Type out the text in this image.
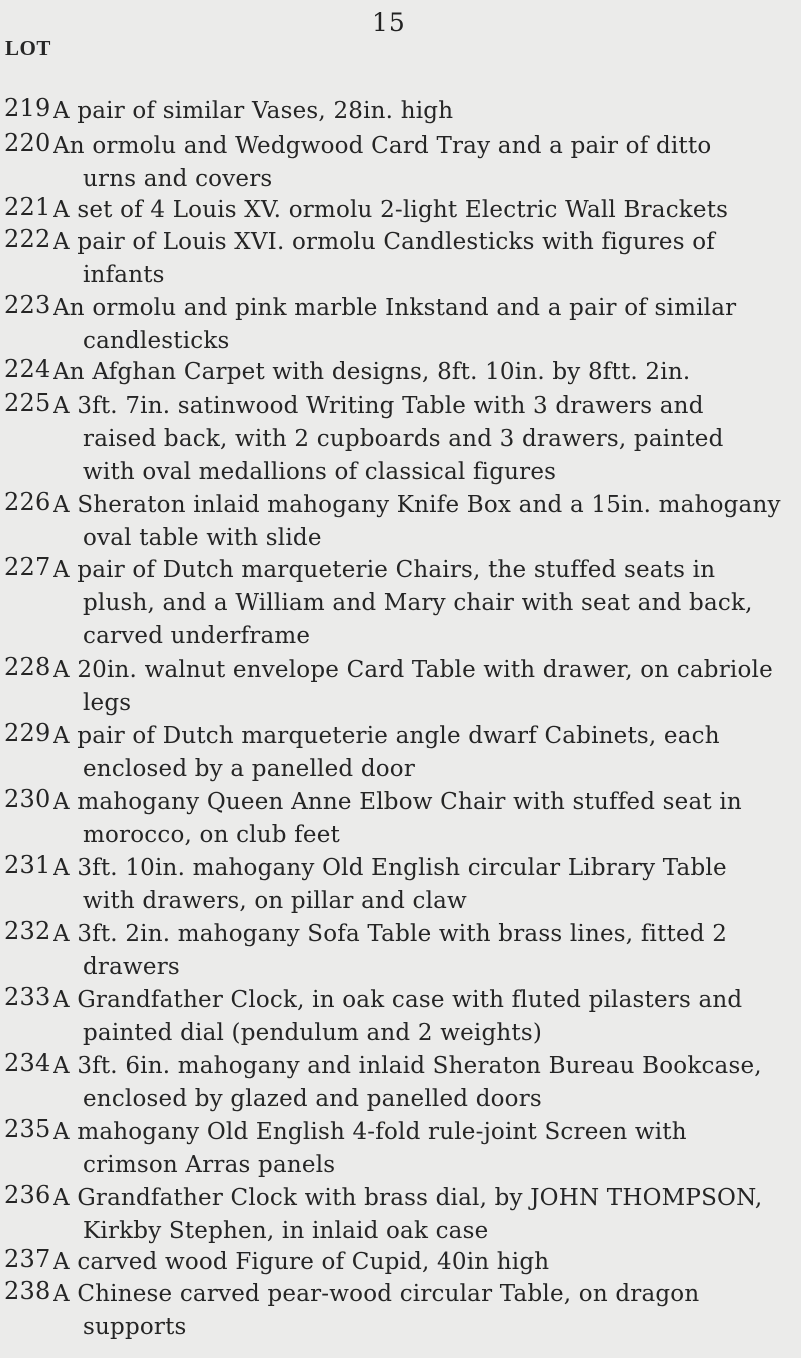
15
LOT
219 A pair of similar Vases, 28in. high
220 An ormolu and Wedgwood Card Tray and a pair of ditto
urns and covers
221 A set of 4 Louis XV. ormolu 2-light Electric Wall Brackets
222 A pair of Louis XVI. ormolu Candlesticks with figures of
infants
223 An ormolu and pink marble Inkstand and a pair of similar
candlesticks
224 An Afghan Carpet with designs, 8ft. 10in. by 8ftt. 2in.
225 A 3ft. 7in. satinwood Writing Table with 3 drawers and
raised back, with 2 cupboards and 3 drawers, painted
with oval medallions of classical figures
226 A Sheraton inlaid mahogany Knife Box and a 15in. mahogany
oval table with slide
227 A pair of Dutch marqueterie Chairs, the stuffed seats in
plush, and a William and Mary chair with seat and back,
carved underframe
228 A 20in. walnut envelope Card Table with drawer, on cabriole
legs
229 A pair of Dutch marqueterie angle dwarf Cabinets, each
enclosed by a panelled door
230 A mahogany Queen Anne Elbow Chair with stuffed seat in
morocco, on club feet
231 A 3ft. 10in. mahogany Old English circular Library Table
with drawers, on pillar and claw
232 A 3ft. 2in. mahogany Sofa Table with brass lines, fitted 2
drawers
233 A Grandfather Clock, in oak case with fluted pilasters and
painted dial (pendulum and 2 weights)
234 A 3ft. 6in. mahogany and inlaid Sheraton Bureau Bookcase,
enclosed by glazed and panelled doors
235 A mahogany Old English 4-fold rule-joint Screen with
crimson Arras panels
236 A Grandfather Clock with brass dial, by JOHN THOMPSON,
Kirkby Stephen, in inlaid oak case
237 A carved wood Figure of Cupid, 40in high
238 A Chinese carved pear-wood circular Table, on dragon
supports
